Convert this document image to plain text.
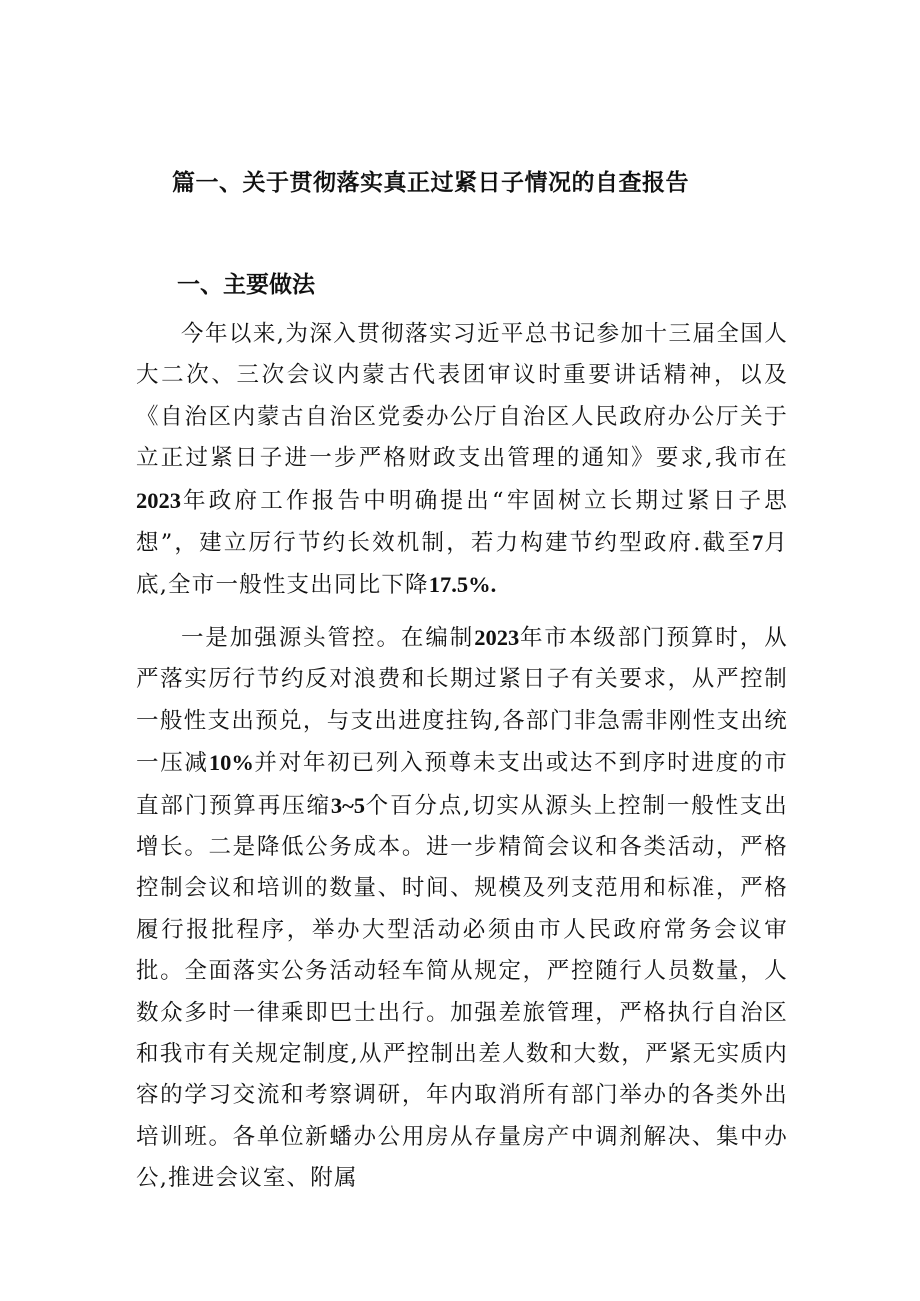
篇一、关于贯彻落实真正过紧日子情况的自查报告
一、主要做法

今年以来,为深入贯彻落实习近平总书记参加十三届全国人大二次、三次会议内蒙古代表团审议时重要讲话精神，以及《自治区内蒙古自治区党委办公厅自治区人民政府办公厅关于立正过紧日子进一步严格财政支出管理的通知》要求,我市在2023年政府工作报告中明确提出“牢固树立长期过紧日子思想”，建立厉行节约长效机制，若力构建节约型政府.截至7月底,全市一般性支出同比下降17.5%.

一是加强源头管控。在编制2023年市本级部门预算时，从严落实厉行节约反对浪费和长期过紧日子有关要求，从严控制一般性支出预兑，与支出进度拄钩,各部门非急需非刚性支出统一压减10%并对年初已列入预尊未支出或达不到序时进度的市直部门预算再压缩3~5个百分点,切实从源头上控制一般性支出增长。二是降低公务成本。进一步精简会议和各类活动，严格控制会议和培训的数量、时间、规模及列支范用和标准，严格履行报批程序，举办大型活动必须由市人民政府常务会议审批。全面落实公务活动轻车简从规定，严控随行人员数量，人数众多时一律乘即巴士出行。加强差旅管理，严格执行自治区和我市有关规定制度,从严控制出差人数和大数，严紧无实质内容的学习交流和考察调研，年内取消所有部门举办的各类外出培训班。各单位新蟠办公用房从存量房产中调剂解决、集中办公,推进会议室、附属
